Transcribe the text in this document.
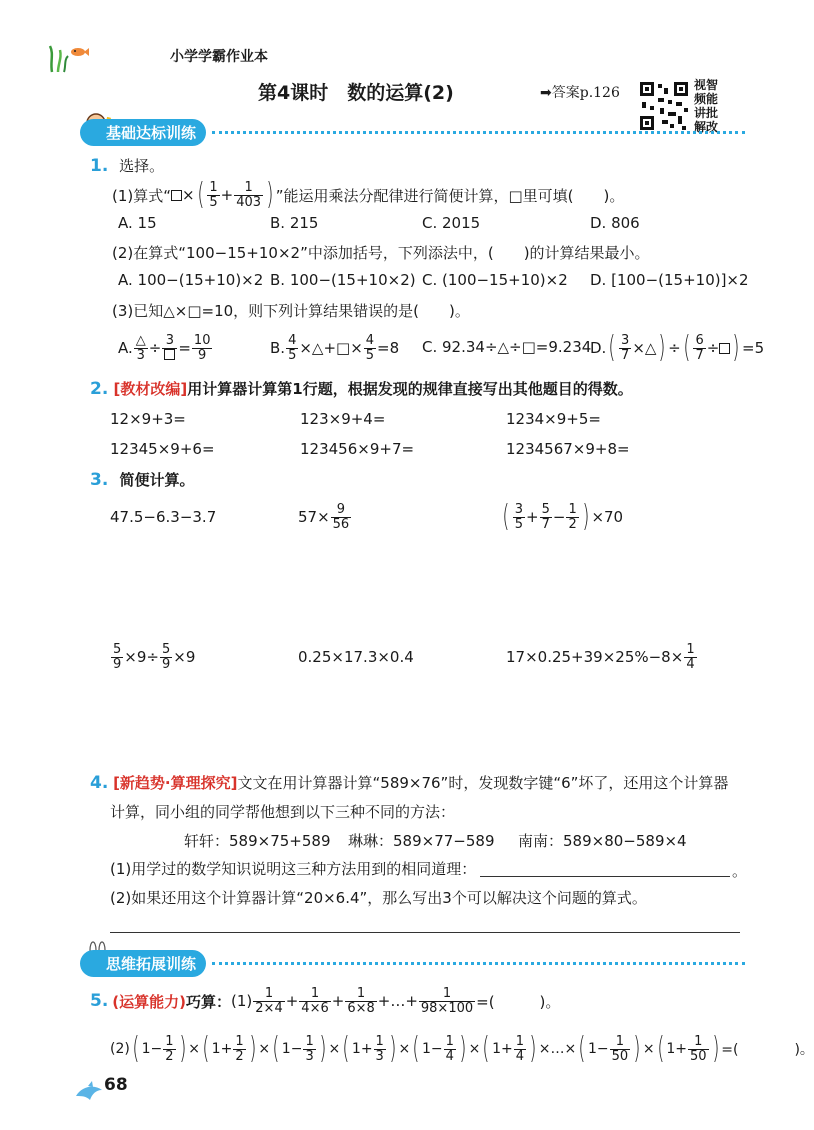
小学学霸作业本
第4课时　数的运算(2)	➡答案p.126	视智
频能
讲批
解改
基础达标训练
1. 选择。
(1)算式“ × ( $\frac{1}{5} + \frac{1}{403}$ ) ”能运用乘法分配律进行简便计算，□里可填(　　)。
A. 15	B. 215	C. 2015	D. 806
(2)在算式“100−15+10×2”中添加括号，下列添法中，(　　)的计算结果最小。
A. 100−(15+10)×2 B. 100−(15+10×2) C. (100−15+10)×2 D. [100−(15+10)]×2
(3)已知△×□=10，则下列计算结果错误的是(　　)。
A. $\frac{\triangle}{3} \div 3 = \frac{10}{9}$	B. $\frac{4}{5}$ ×△+□× $\frac{4}{5} =8$ C. 92.34÷△÷□=9.234
D. ( $\frac{3}{7}$ ×△ ) ÷ ( $\frac{6}{7}$ ÷ ) =5
2. [教材改编]用计算器计算第1行题，根据发现的规律直接写出其他题目的得数。
12×9+3=	123×9+4=	1234×9+5=
12345×9+6=	123456×9+7=	1234567×9+8=
3. 简便计算。
47.5−6.3−3.7	$57\times \frac{9}{56}$	( $\frac{3}{5} + \frac{5}{7} - \frac{1}{2}$ ) ×70
$\frac{5}{9} \times 9\div \frac{5}{9} \times 9$	0.25×17.3×0.4	$17\times 0.25+39\times 25\%-8\times \frac{1}{4}$
4. [新趋势·算理探究]文文在用计算器计算“589×76”时，发现数字键“6”坏了，还用这个计算器
计算，同小组的同学帮他想到以下三种不同的方法：
轩轩：589×75+589 琳琳：589×77−589 南南：589×80−589×4
(1)用学过的数学知识说明这三种方法用到的相同道理：	。
(2)如果还用这个计算器计算“20×6.4”，那么写出3个可以解决这个问题的算式。
思维拓展训练
5. (运算能力) 巧算： $(1) \frac{1}{2\times 4} + \frac{1}{4\times 6} + \frac{1}{6\times 8}$ +…+ $\frac{1}{98\times 100}$ =(　　　)。
(2) ( $1 - \frac{1}{2}$ ) × ( $1 + \frac{1}{2}$ ) × ( $1 - \frac{1}{3}$ ) × ( $1 + \frac{1}{3}$ ) × ( $1 - \frac{1}{4}$ ) × ( $1 + \frac{1}{4}$ ) ×…× ( $1 - \frac{1}{50}$ ) × ( $1 + \frac{1}{50}$ ) =(　　　　)。
68
